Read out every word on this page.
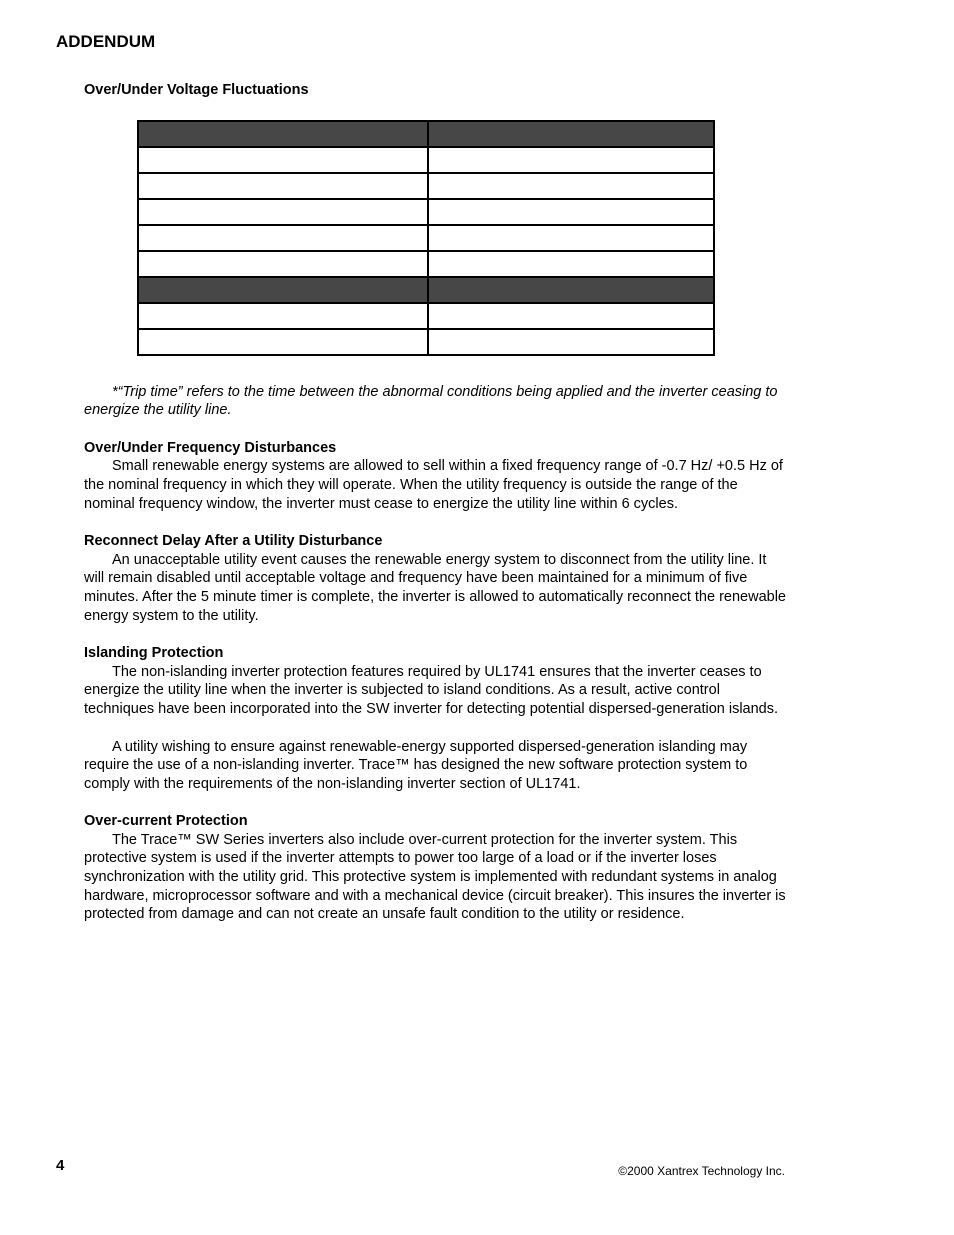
ADDENDUM
Over/Under Voltage Fluctuations

*“Trip time” refers to the time between the abnormal conditions being applied and the inverter ceasing to energize the utility line.

Over/Under Frequency Disturbances

Small renewable energy systems are allowed to sell within a fixed frequency range of -0.7 Hz/ +0.5 Hz of the nominal frequency in which they will operate. When the utility frequency is outside the range of the nominal frequency window, the inverter must cease to energize the utility line within 6 cycles.

Reconnect Delay After a Utility Disturbance

An unacceptable utility event causes the renewable energy system to disconnect from the utility line. It will remain disabled until acceptable voltage and frequency have been maintained for a minimum of five minutes. After the 5 minute timer is complete, the inverter is allowed to automatically reconnect the renewable energy system to the utility.

Islanding Protection

The non-islanding inverter protection features required by UL1741 ensures that the inverter ceases to energize the utility line when the inverter is subjected to island conditions. As a result, active control techniques have been incorporated into the SW inverter for detecting potential dispersed-generation islands.

A utility wishing to ensure against renewable-energy supported dispersed-generation islanding may require the use of a non-islanding inverter. Trace™ has designed the new software protection system to comply with the requirements of the non-islanding inverter section of UL1741.

Over-current Protection

The Trace™ SW Series inverters also include over-current protection for the inverter system. This protective system is used if the inverter attempts to power too large of a load or if the inverter loses synchronization with the utility grid. This protective system is implemented with redundant systems in analog hardware, microprocessor software and with a mechanical device (circuit breaker). This insures the inverter is protected from damage and can not create an unsafe fault condition to the utility or residence.

4	©2000 Xantrex Technology Inc.
